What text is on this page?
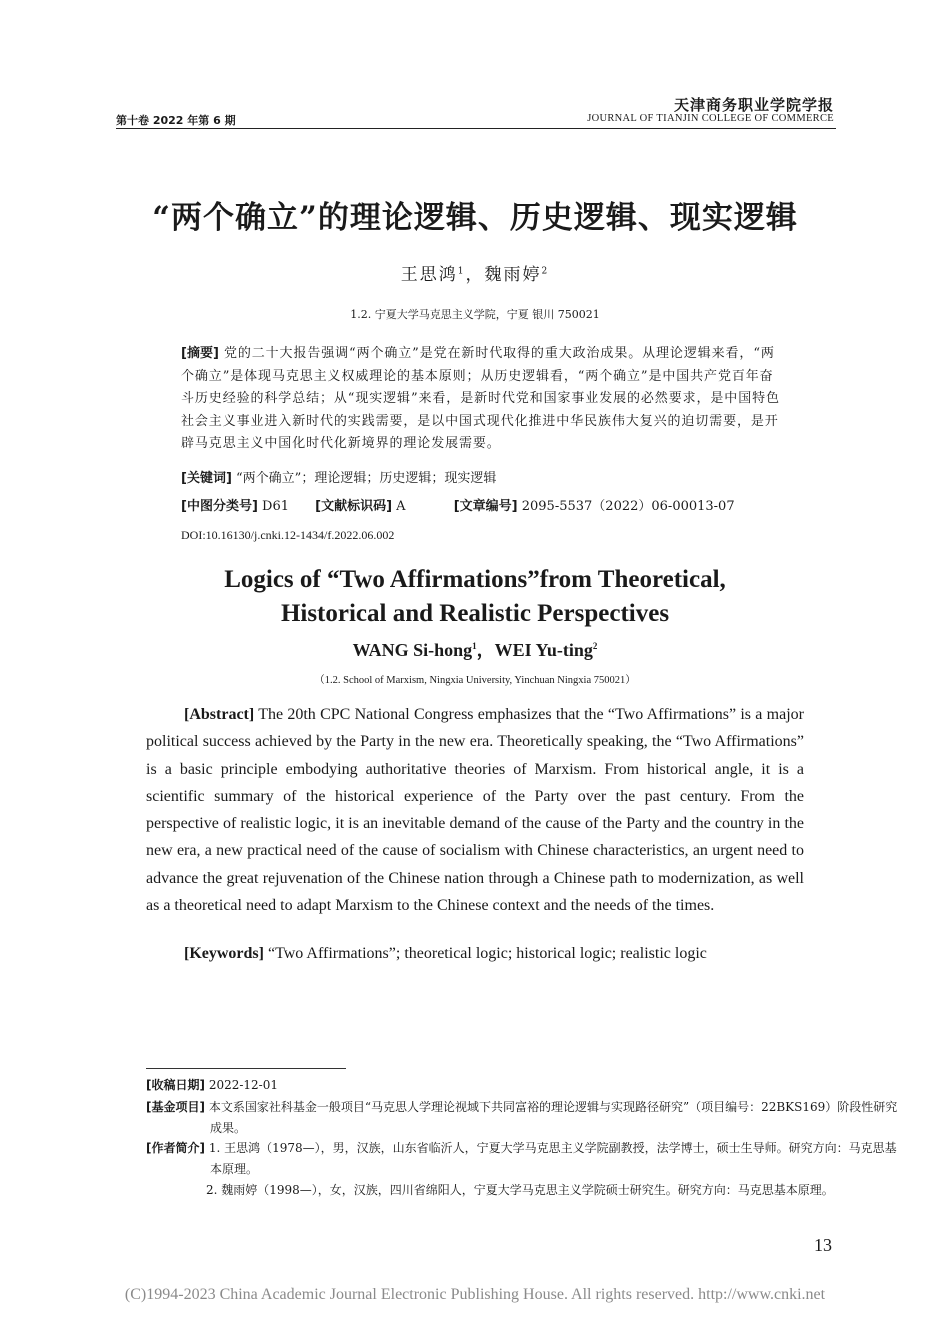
天津商务职业学院学报
第十卷 2022 年第 6 期	JOURNAL OF TIANJIN COLLEGE OF COMMERCE
“两个确立”的理论逻辑、历史逻辑、现实逻辑
王思鸿$^1$，魏雨婷$^2$
1.2. 宁夏大学马克思主义学院，宁夏 银川 750021
[摘要] 党的二十大报告强调“两个确立”是党在新时代取得的重大政治成果。从理论逻辑来看，“两个确立”是体现马克思主义权威理论的基本原则；从历史逻辑看，“两个确立”是中国共产党百年奋斗历史经验的科学总结；从“现实逻辑”来看，是新时代党和国家事业发展的必然要求，是中国特色社会主义事业进入新时代的实践需要，是以中国式现代化推进中华民族伟大复兴的迫切需要，是开辟马克思主义中国化时代化新境界的理论发展需要。
[关键词] “两个确立”；理论逻辑；历史逻辑；现实逻辑
[中图分类号] D61 [文献标识码] A	[文章编号] 2095-5537（2022）06-00013-07
DOI:10.16130/j.cnki.12-1434/f.2022.06.002
Logics of “Two Affirmations”from Theoretical,
Historical and Realistic Perspectives
WANG Si-hong$^1$，WEI Yu-ting$^2$
（1.2. School of Marxism, Ningxia University, Yinchuan Ningxia 750021）
[Abstract] The 20th CPC National Congress emphasizes that the “Two Affirmations” is a major political success achieved by the Party in the new era. Theoretically speaking, the “Two Affirmations” is a basic principle embodying authoritative theories of Marxism. From historical angle, it is a scientific summary of the historical experience of the Party over the past century. From the perspective of realistic logic, it is an inevitable demand of the cause of the Party and the country in the new era, a new practical need of the cause of socialism with Chinese characteristics, an urgent need to advance the great rejuvenation of the Chinese nation through a Chinese path to modernization, as well as a theoretical need to adapt Marxism to the Chinese context and the needs of the times.
[Keywords] “Two Affirmations”; theoretical logic; historical logic; realistic logic
[收稿日期] 2022-12-01
[基金项目] 本文系国家社科基金一般项目“马克思人学理论视域下共同富裕的理论逻辑与实现路径研究”（项目编号：22BKS169）阶段性研究成果。
[作者简介] 1. 王思鸿（1978—），男，汉族，山东省临沂人，宁夏大学马克思主义学院副教授，法学博士，硕士生导师。研究方向：马克思基本原理。
2. 魏雨婷（1998—），女，汉族，四川省绵阳人，宁夏大学马克思主义学院硕士研究生。研究方向：马克思基本原理。
13
(C)1994-2023 China Academic Journal Electronic Publishing House. All rights reserved. http://www.cnki.net
